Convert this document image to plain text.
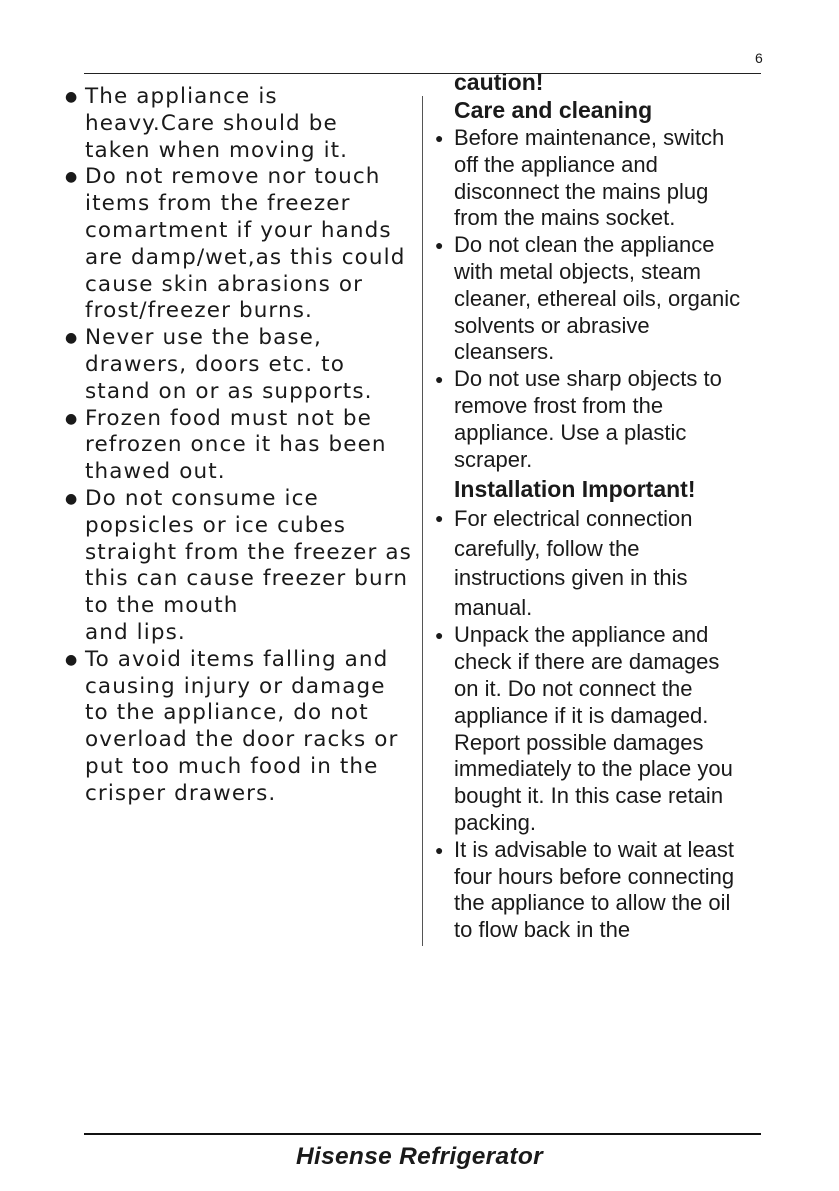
6
● The appliance is
heavy.Care should be
taken when moving it.
● Do not remove nor touch
items from the freezer
comartment if your hands
are damp/wet,as this could
cause skin abrasions or
frost/freezer burns.
● Never use the base,
drawers, doors etc. to
stand on or as supports.
● Frozen food must not be
refrozen once it has been
thawed out.
● Do not consume ice
popsicles or ice cubes
straight from the freezer as
this can cause freezer burn
to the mouth
and lips.
● To avoid items falling and
causing injury or damage
to the appliance, do not
overload the door racks or
put too much food in the
crisper drawers.
caution!
Care and cleaning
● Before maintenance, switch
off the appliance and
disconnect the mains plug
from the mains socket.
● Do not clean the appliance
with metal objects, steam
cleaner, ethereal oils, organic
solvents or abrasive
cleansers.
● Do not use sharp objects to
remove frost from the
appliance. Use a plastic
scraper.
Installation Important!
● For electrical connection
carefully, follow the
instructions given in this
manual.
● Unpack the appliance and
check if there are damages
on it. Do not connect the
appliance if it is damaged.
Report possible damages
immediately to the place you
bought it. In this case retain
packing.
● It is advisable to wait at least
four hours before connecting
the appliance to allow the oil
to flow back in the
Hisense Refrigerator
